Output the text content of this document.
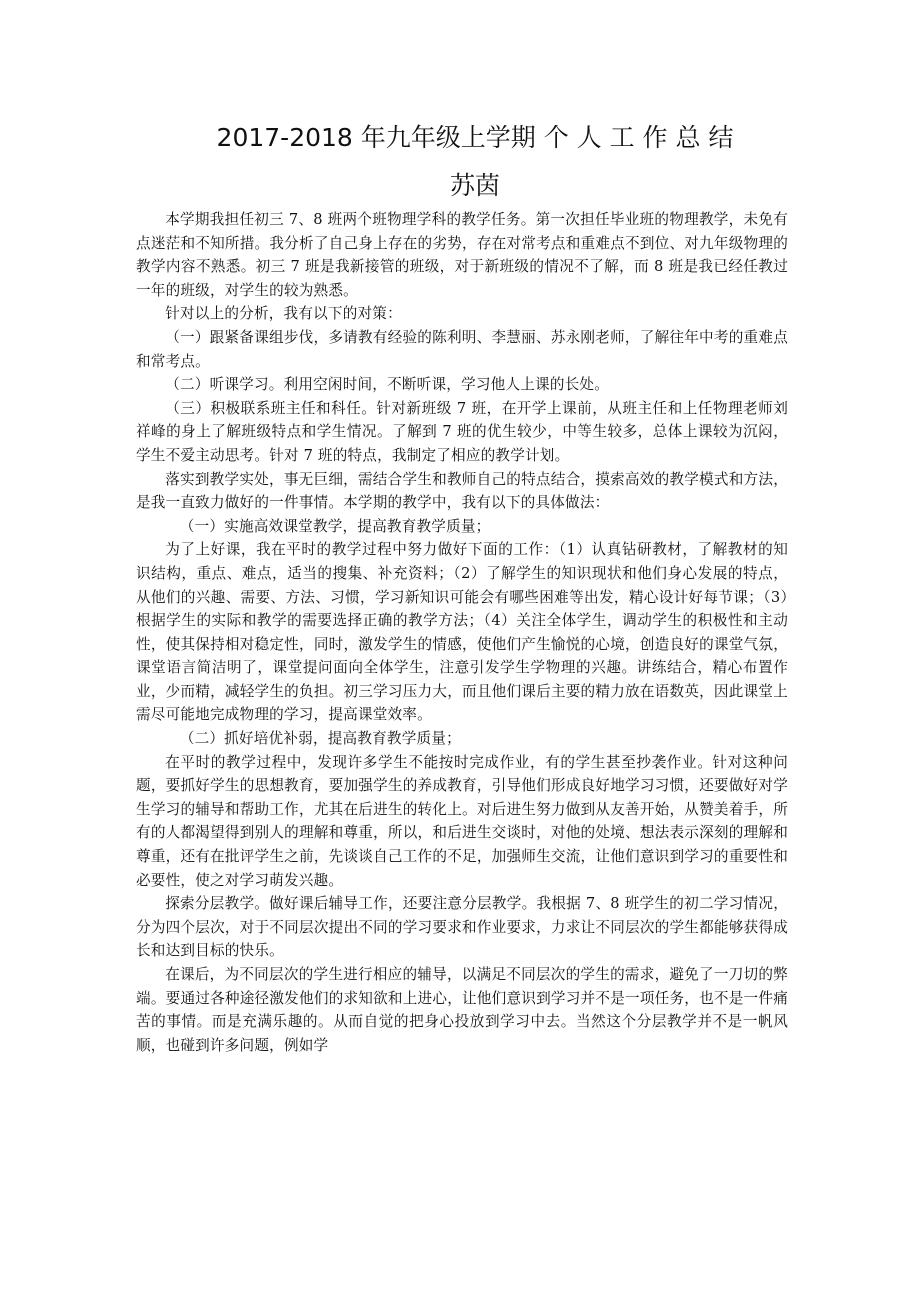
2017-2018 年九年级上学期 个 人 工 作 总 结
苏茵

本学期我担任初三 7、8 班两个班物理学科的教学任务。第一次担任毕业班的物理教学，未免有点迷茫和不知所措。我分析了自己身上存在的劣势，存在对常考点和重难点不到位、对九年级物理的教学内容不熟悉。初三 7 班是我新接管的班级，对于新班级的情况不了解，而 8 班是我已经任教过一年的班级，对学生的较为熟悉。

针对以上的分析，我有以下的对策：

（一）跟紧备课组步伐，多请教有经验的陈利明、李慧丽、苏永刚老师，了解往年中考的重难点和常考点。

（二）听课学习。利用空闲时间，不断听课，学习他人上课的长处。

（三）积极联系班主任和科任。针对新班级 7 班，在开学上课前，从班主任和上任物理老师刘祥峰的身上了解班级特点和学生情况。了解到 7 班的优生较少，中等生较多，总体上课较为沉闷，学生不爱主动思考。针对 7 班的特点，我制定了相应的教学计划。

落实到教学实处，事无巨细，需结合学生和教师自己的特点结合，摸索高效的教学模式和方法，是我一直致力做好的一件事情。本学期的教学中，我有以下的具体做法：

（一）实施高效课堂教学，提高教育教学质量；

为了上好课，我在平时的教学过程中努力做好下面的工作：（1）认真钻研教材，了解教材的知识结构，重点、难点，适当的搜集、补充资料；（2）了解学生的知识现状和他们身心发展的特点，从他们的兴趣、需要、方法、习惯，学习新知识可能会有哪些困难等出发，精心设计好每节课；（3）根据学生的实际和教学的需要选择正确的教学方法；（4）关注全体学生，调动学生的积极性和主动性，使其保持相对稳定性，同时，激发学生的情感，使他们产生愉悦的心境，创造良好的课堂气氛，课堂语言简洁明了，课堂提问面向全体学生，注意引发学生学物理的兴趣。讲练结合，精心布置作业，少而精，减轻学生的负担。初三学习压力大，而且他们课后主要的精力放在语数英，因此课堂上需尽可能地完成物理的学习，提高课堂效率。

（二）抓好培优补弱，提高教育教学质量；

在平时的教学过程中，发现许多学生不能按时完成作业，有的学生甚至抄袭作业。针对这种问题，要抓好学生的思想教育，要加强学生的养成教育，引导他们形成良好地学习习惯，还要做好对学生学习的辅导和帮助工作，尤其在后进生的转化上。对后进生努力做到从友善开始，从赞美着手，所有的人都渴望得到别人的理解和尊重，所以，和后进生交谈时，对他的处境、想法表示深刻的理解和尊重，还有在批评学生之前，先谈谈自己工作的不足，加强师生交流，让他们意识到学习的重要性和必要性，使之对学习萌发兴趣。

探索分层教学。做好课后辅导工作，还要注意分层教学。我根据 7、8 班学生的初二学习情况，分为四个层次，对于不同层次提出不同的学习要求和作业要求，力求让不同层次的学生都能够获得成长和达到目标的快乐。

在课后，为不同层次的学生进行相应的辅导，以满足不同层次的学生的需求，避免了一刀切的弊端。要通过各种途径激发他们的求知欲和上进心，让他们意识到学习并不是一项任务，也不是一件痛苦的事情。而是充满乐趣的。从而自觉的把身心投放到学习中去。当然这个分层教学并不是一帆风顺，也碰到许多问题，例如学
